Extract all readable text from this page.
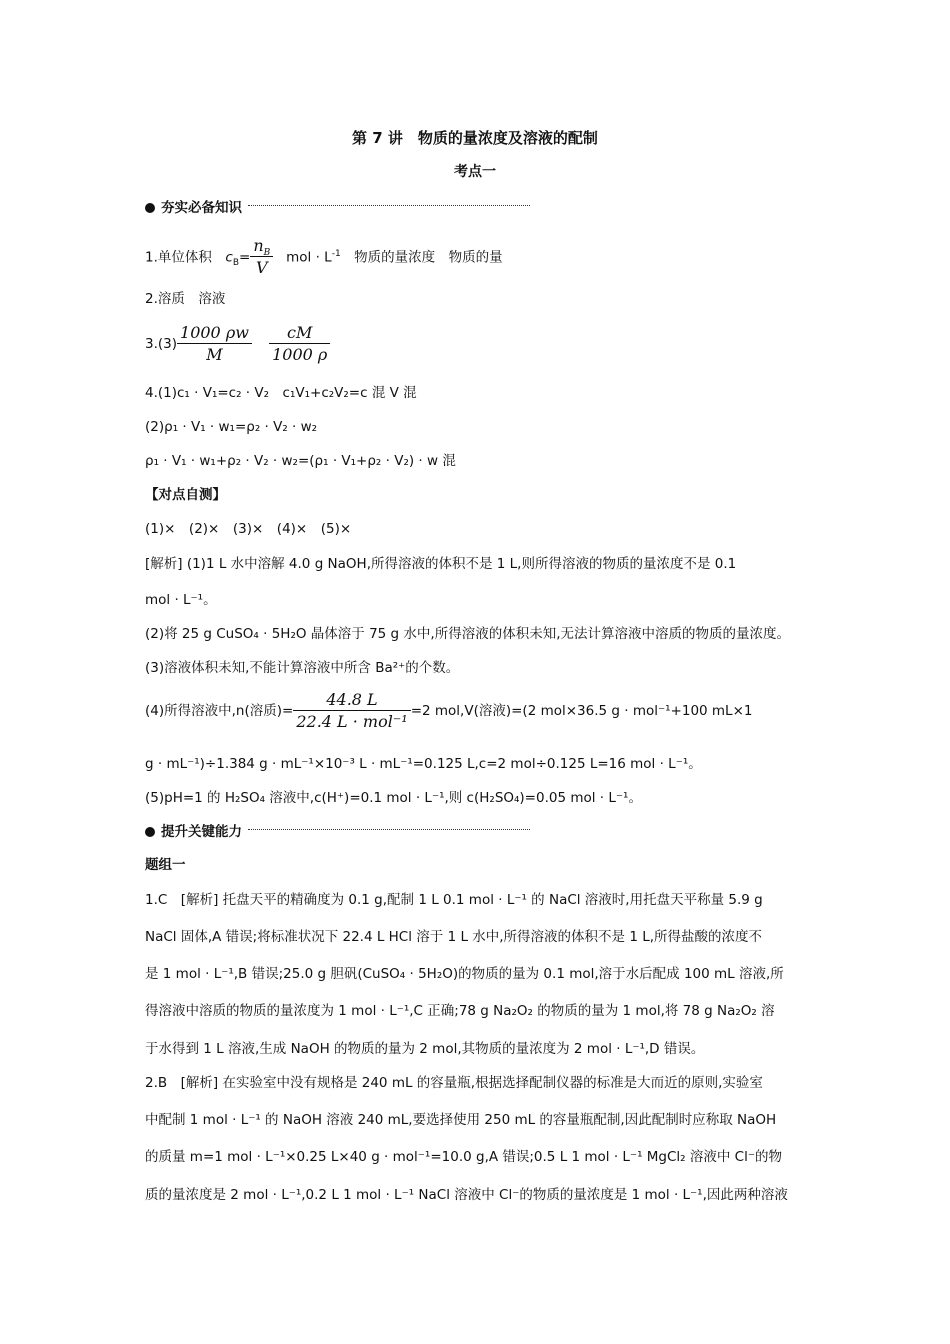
第 7 讲　物质的量浓度及溶液的配制
考点一
夯实必备知识
1.单位体积　$c_B= \frac{n_B}{V}$ mol · $L^{-1}$　物质的量浓度　物质的量
2.溶质　溶液
$3.(3) \frac{1000 \rho w}{M}$
$\frac{cM}{1000 \rho}$
4.(1)c₁ · V₁=c₂ · V₂　c₁V₁+c₂V₂=c 混 V 混
(2)ρ₁ · V₁ · w₁=ρ₂ · V₂ · w₂
ρ₁ · V₁ · w₁+ρ₂ · V₂ · w₂=(ρ₁ · V₁+ρ₂ · V₂) · w 混
【对点自测】
(1)×　(2)×　(3)×　(4)×　(5)×
[解析] (1)1 L 水中溶解 4.0 g NaOH,所得溶液的体积不是 1 L,则所得溶液的物质的量浓度不是 0.1
mol · L⁻¹。
(2)将 25 g CuSO₄ · 5H₂O 晶体溶于 75 g 水中,所得溶液的体积未知,无法计算溶液中溶质的物质的量浓度。
(3)溶液体积未知,不能计算溶液中所含 Ba²⁺的个数。
(4)所得溶液中,n(溶质)= $\frac{44.8 L}{\text{22.4 L · mol⁻¹}} =2$ mol,V(溶液)=(2 mol×36.5 g · mol⁻¹+100 mL×1
g · mL⁻¹)÷1.384 g · mL⁻¹×10⁻³ L · mL⁻¹=0.125 L,c=2 mol÷0.125 L=16 mol · L⁻¹。
(5)pH=1 的 H₂SO₄ 溶液中,c(H⁺)=0.1 mol · L⁻¹,则 c(H₂SO₄)=0.05 mol · L⁻¹。
提升关键能力
题组一
1.C　[解析] 托盘天平的精确度为 0.1 g,配制 1 L 0.1 mol · L⁻¹ 的 NaCl 溶液时,用托盘天平称量 5.9 g
NaCl 固体,A 错误;将标准状况下 22.4 L HCl 溶于 1 L 水中,所得溶液的体积不是 1 L,所得盐酸的浓度不
是 1 mol · L⁻¹,B 错误;25.0 g 胆矾(CuSO₄ · 5H₂O)的物质的量为 0.1 mol,溶于水后配成 100 mL 溶液,所
得溶液中溶质的物质的量浓度为 1 mol · L⁻¹,C 正确;78 g Na₂O₂ 的物质的量为 1 mol,将 78 g Na₂O₂ 溶
于水得到 1 L 溶液,生成 NaOH 的物质的量为 2 mol,其物质的量浓度为 2 mol · L⁻¹,D 错误。
2.B　[解析] 在实验室中没有规格是 240 mL 的容量瓶,根据选择配制仪器的标准是大而近的原则,实验室
中配制 1 mol · L⁻¹ 的 NaOH 溶液 240 mL,要选择使用 250 mL 的容量瓶配制,因此配制时应称取 NaOH
的质量 m=1 mol · L⁻¹×0.25 L×40 g · mol⁻¹=10.0 g,A 错误;0.5 L 1 mol · L⁻¹ MgCl₂ 溶液中 Cl⁻的物
质的量浓度是 2 mol · L⁻¹,0.2 L 1 mol · L⁻¹ NaCl 溶液中 Cl⁻的物质的量浓度是 1 mol · L⁻¹,因此两种溶液
